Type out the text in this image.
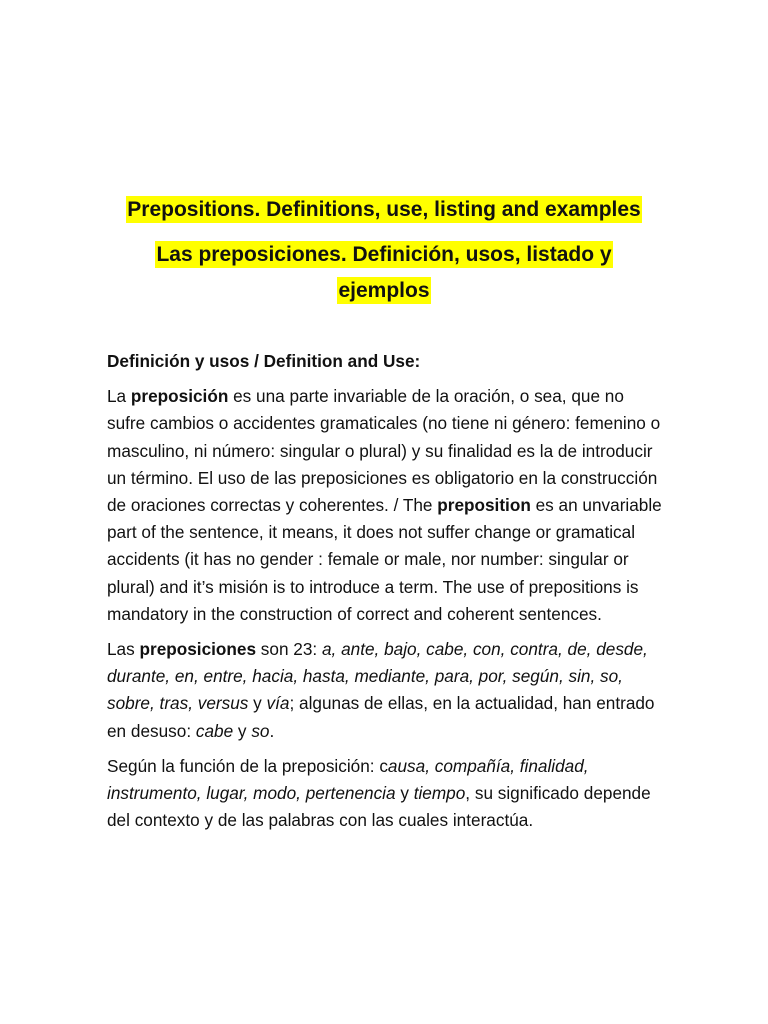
Prepositions. Definitions, use, listing and examples

Las preposiciones. Definición, usos, listado y ejemplos

Definición y usos / Definition and Use:

La preposición es una parte invariable de la oración, o sea, que no sufre cambios o accidentes gramaticales (no tiene ni género: femenino o masculino, ni número: singular o plural) y su finalidad es la de introducir un término. El uso de las preposiciones es obligatorio en la construcción de oraciones correctas y coherentes. / The preposition es an unvariable part of the sentence, it means, it does not suffer change or gramatical accidents (it has no gender : female or male, nor number: singular or plural) and it’s misión is to introduce a term. The use of prepositions is mandatory in the construction of correct and coherent sentences.

Las preposiciones son 23: a, ante, bajo, cabe, con, contra, de, desde, durante, en, entre, hacia, hasta, mediante, para, por, según, sin, so, sobre, tras, versus y vía; algunas de ellas, en la actualidad, han entrado en desuso: cabe y so.

Según la función de la preposición: causa, compañía, finalidad, instrumento, lugar, modo, pertenencia y tiempo, su significado depende del contexto y de las palabras con las cuales interactúa.
